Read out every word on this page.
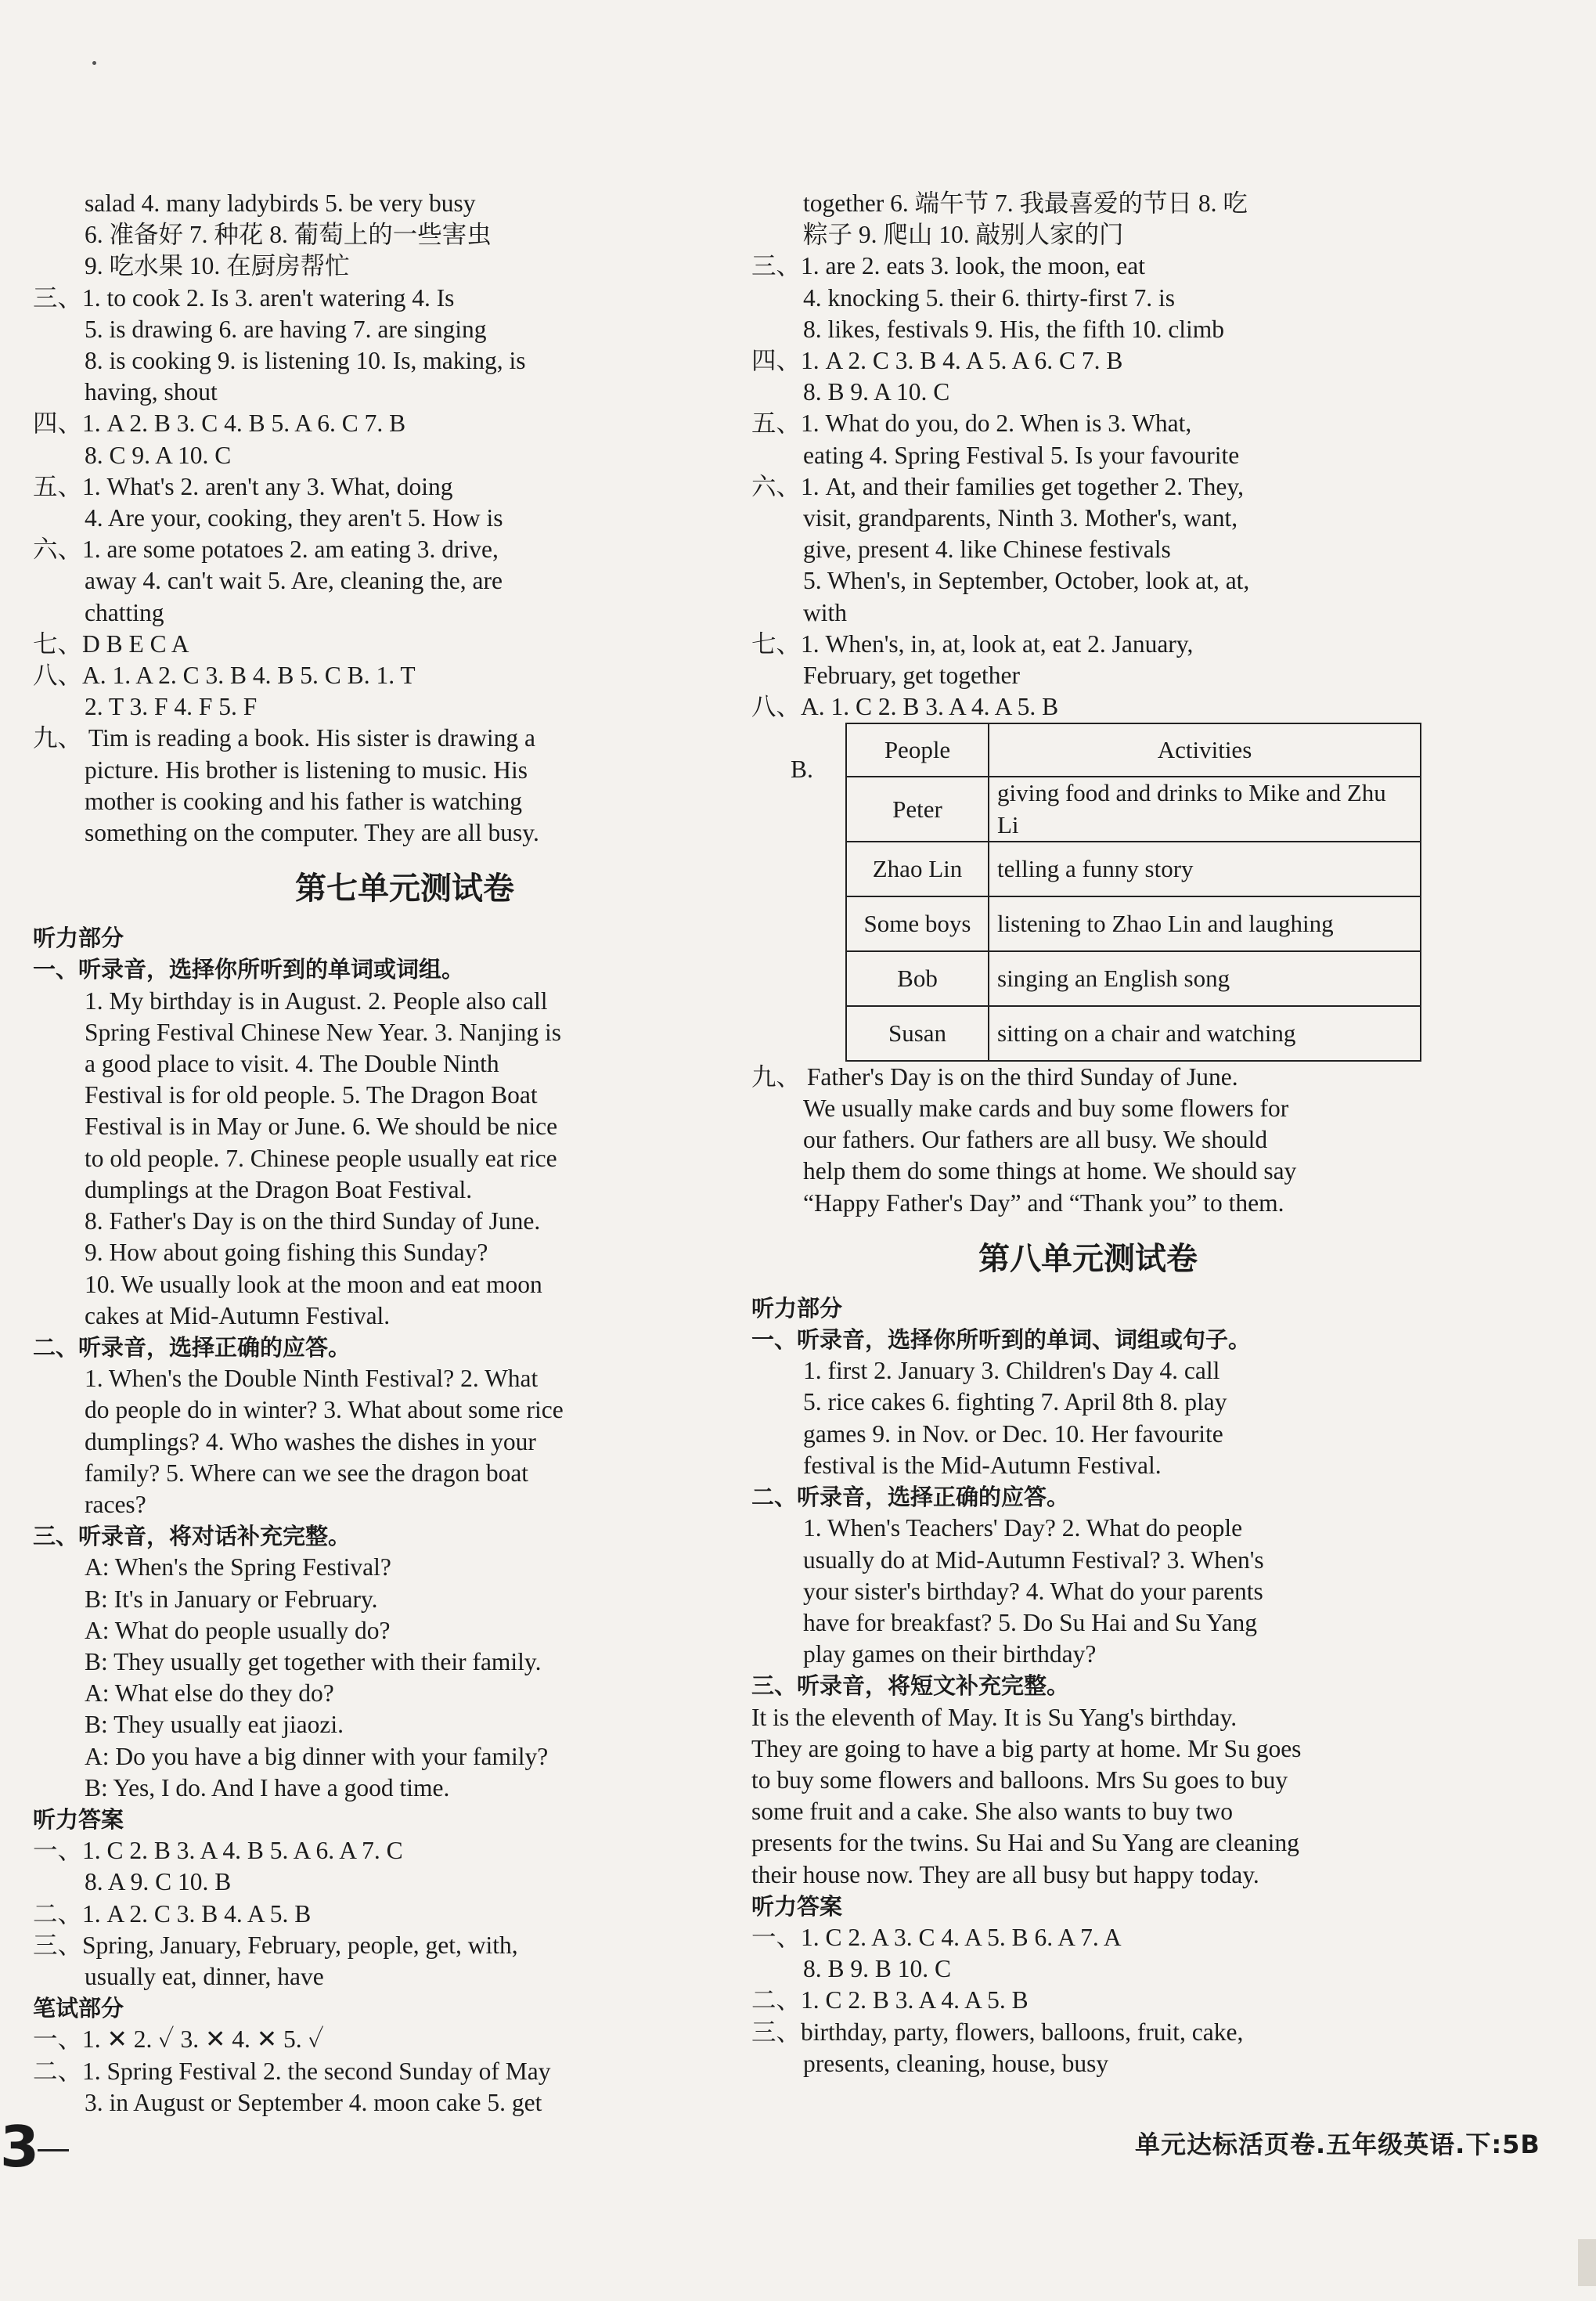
salad 4. many ladybirds 5. be very busy
6. 准备好 7. 种花 8. 葡萄上的一些害虫
9. 吃水果 10. 在厨房帮忙
三、1. to cook 2. Is 3. aren't watering 4. Is
5. is drawing 6. are having 7. are singing
8. is cooking 9. is listening 10. Is, making, is
having, shout
四、1. A 2. B 3. C 4. B 5. A 6. C 7. B
8. C 9. A 10. C
五、1. What's 2. aren't any 3. What, doing
4. Are your, cooking, they aren't 5. How is
六、1. are some potatoes 2. am eating 3. drive,
away 4. can't wait 5. Are, cleaning the, are
chatting
七、D B E C A
八、A. 1. A 2. C 3. B 4. B 5. C B. 1. T
2. T 3. F 4. F 5. F
九、 Tim is reading a book. His sister is drawing a
picture. His brother is listening to music. His
mother is cooking and his father is watching
something on the computer. They are all busy.
第七单元测试卷
听力部分
一、听录音，选择你所听到的单词或词组。
1. My birthday is in August. 2. People also call
Spring Festival Chinese New Year. 3. Nanjing is
a good place to visit. 4. The Double Ninth
Festival is for old people. 5. The Dragon Boat
Festival is in May or June. 6. We should be nice
to old people. 7. Chinese people usually eat rice
dumplings at the Dragon Boat Festival.
8. Father's Day is on the third Sunday of June.
9. How about going fishing this Sunday?
10. We usually look at the moon and eat moon
cakes at Mid-Autumn Festival.
二、听录音，选择正确的应答。
1. When's the Double Ninth Festival? 2. What
do people do in winter? 3. What about some rice
dumplings? 4. Who washes the dishes in your
family? 5. Where can we see the dragon boat
races?
三、听录音，将对话补充完整。
A: When's the Spring Festival?
B: It's in January or February.
A: What do people usually do?
B: They usually get together with their family.
A: What else do they do?
B: They usually eat jiaozi.
A: Do you have a big dinner with your family?
B: Yes, I do. And I have a good time.
听力答案
一、1. C 2. B 3. A 4. B 5. A 6. A 7. C
8. A 9. C 10. B
二、1. A 2. C 3. B 4. A 5. B
三、Spring, January, February, people, get, with,
usually eat, dinner, have
笔试部分
一、1. ✕ 2. ✓ 3. ✕ 4. ✕ 5. ✓
二、1. Spring Festival 2. the second Sunday of May
3. in August or September 4. moon cake 5. get
together 6. 端午节 7. 我最喜爱的节日 8. 吃
粽子 9. 爬山 10. 敲别人家的门
三、1. are 2. eats 3. look, the moon, eat
4. knocking 5. their 6. thirty-first 7. is
8. likes, festivals 9. His, the fifth 10. climb
四、1. A 2. C 3. B 4. A 5. A 6. C 7. B
8. B 9. A 10. C
五、1. What do you, do 2. When is 3. What,
eating 4. Spring Festival 5. Is your favourite
六、1. At, and their families get together 2. They,
visit, grandparents, Ninth 3. Mother's, want,
give, present 4. like Chinese festivals
5. When's, in September, October, look at, at,
with
七、1. When's, in, at, look at, eat 2. January,
February, get together
八、A. 1. C 2. B 3. A 4. A 5. B
B.
People	Activities
Peter	giving food and drinks to Mike and Zhu Li
Zhao Lin	telling a funny story
Some boys	listening to Zhao Lin and laughing
Bob	singing an English song
Susan	sitting on a chair and watching
九、 Father's Day is on the third Sunday of June.
We usually make cards and buy some flowers for
our fathers. Our fathers are all busy. We should
help them do some things at home. We should say
“Happy Father's Day” and “Thank you” to them.
第八单元测试卷
听力部分
一、听录音，选择你所听到的单词、词组或句子。
1. first 2. January 3. Children's Day 4. call
5. rice cakes 6. fighting 7. April 8th 8. play
games 9. in Nov. or Dec. 10. Her favourite
festival is the Mid-Autumn Festival.
二、听录音，选择正确的应答。
1. When's Teachers' Day? 2. What do people
usually do at Mid-Autumn Festival? 3. When's
your sister's birthday? 4. What do your parents
have for breakfast? 5. Do Su Hai and Su Yang
play games on their birthday?
三、听录音，将短文补充完整。
It is the eleventh of May. It is Su Yang's birthday.
They are going to have a big party at home. Mr Su goes
to buy some flowers and balloons. Mrs Su goes to buy
some fruit and a cake. She also wants to buy two
presents for the twins. Su Hai and Su Yang are cleaning
their house now. They are all busy but happy today.
听力答案
一、1. C 2. A 3. C 4. A 5. B 6. A 7. A
8. B 9. B 10. C
二、1. C 2. B 3. A 4. A 5. B
三、birthday, party, flowers, balloons, fruit, cake,
presents, cleaning, house, busy
3	单元达标活页卷.五年级英语.下:5B
